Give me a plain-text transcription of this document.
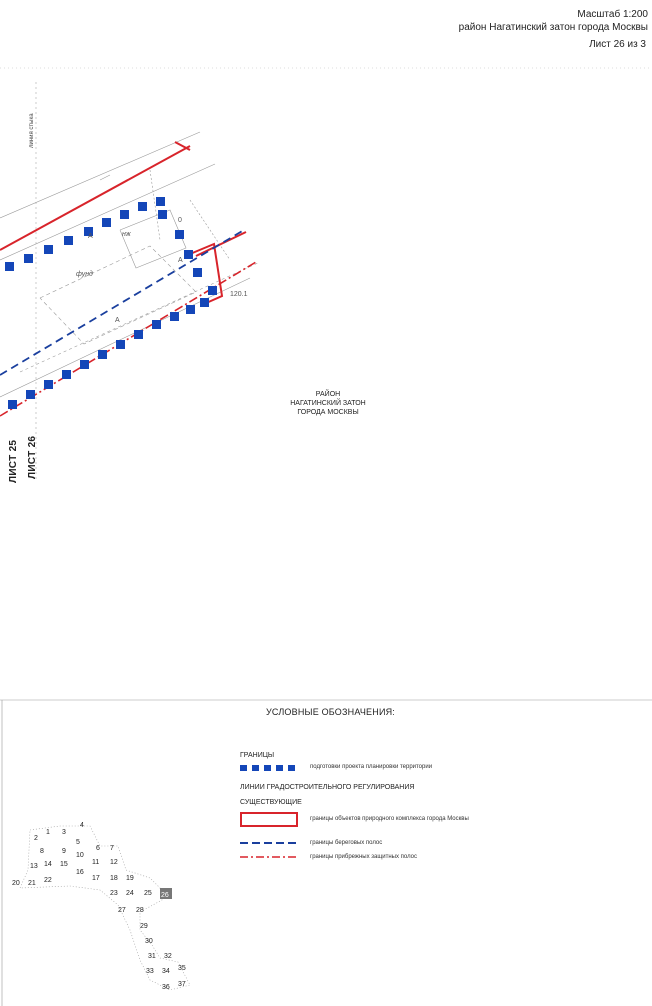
Масштаб 1:200
район Нагатинский затон города Москвы
Лист 26 из 3
фунд
нж
120.1
А
А
А
0
1
2
3
4
5
6 7
8	9
10
11 12
13 14 15
16
17 18 19
20 21 22
23 24 25 26
27 28
29
30
31 32
33 34 35
36 37
линия стыка
ЛИСТ 25 ЛИСТ 26
РАЙОН
НАГАТИНСКИЙ ЗАТОН
ГОРОДА МОСКВЫ
УСЛОВНЫЕ ОБОЗНАЧЕНИЯ:
ГРАНИЦЫ
подготовки проекта планировки территории
ЛИНИИ ГРАДОСТРОИТЕЛЬНОГО РЕГУЛИРОВАНИЯ
СУЩЕСТВУЮЩИЕ
границы объектов природного комплекса города Москвы
границы береговых полос
границы прибрежных защитных полос
